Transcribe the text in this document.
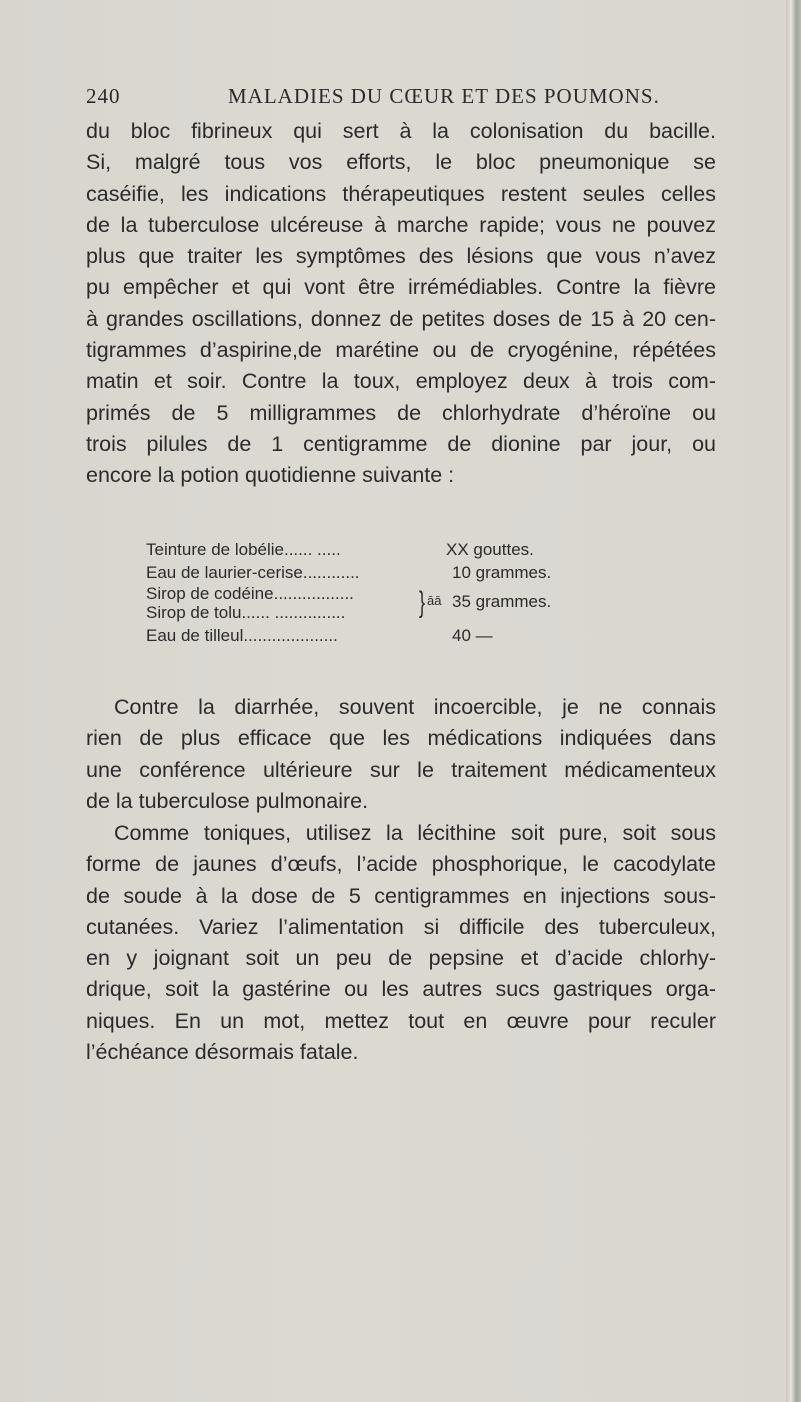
240	MALADIES DU CŒUR ET DES POUMONS.
du bloc fibrineux qui sert à la colonisation du bacille.
Si, malgré tous vos efforts, le bloc pneumonique se
caséifie, les indications thérapeutiques restent seules celles
de la tuberculose ulcéreuse à marche rapide; vous ne pouvez
plus que traiter les symptômes des lésions que vous n’avez
pu empêcher et qui vont être irrémédiables. Contre la fièvre
à grandes oscillations, donnez de petites doses de 15 à 20 cen-
tigrammes d’aspirine,de marétine ou de cryogénine, répétées
matin et soir. Contre la toux, employez deux à trois com-
primés de 5 milligrammes de chlorhydrate d’héroïne ou
trois pilules de 1 centigramme de dionine par jour, ou
encore la potion quotidienne suivante :
Teinture de lobélie...... .....	XX gouttes.
Eau de laurier-cerise............	10 grammes.
Sirop de codéine.................
Sirop de tolu...... ............... } āā 35 grammes.
Eau de tilleul....................	40 —
Contre la diarrhée, souvent incoercible, je ne connais
rien de plus efficace que les médications indiquées dans
une conférence ultérieure sur le traitement médicamenteux
de la tuberculose pulmonaire.
Comme toniques, utilisez la lécithine soit pure, soit sous
forme de jaunes d’œufs, l’acide phosphorique, le cacodylate
de soude à la dose de 5 centigrammes en injections sous-
cutanées. Variez l’alimentation si difficile des tuberculeux,
en y joignant soit un peu de pepsine et d’acide chlorhy-
drique, soit la gastérine ou les autres sucs gastriques orga-
niques. En un mot, mettez tout en œuvre pour reculer
l’échéance désormais fatale.
